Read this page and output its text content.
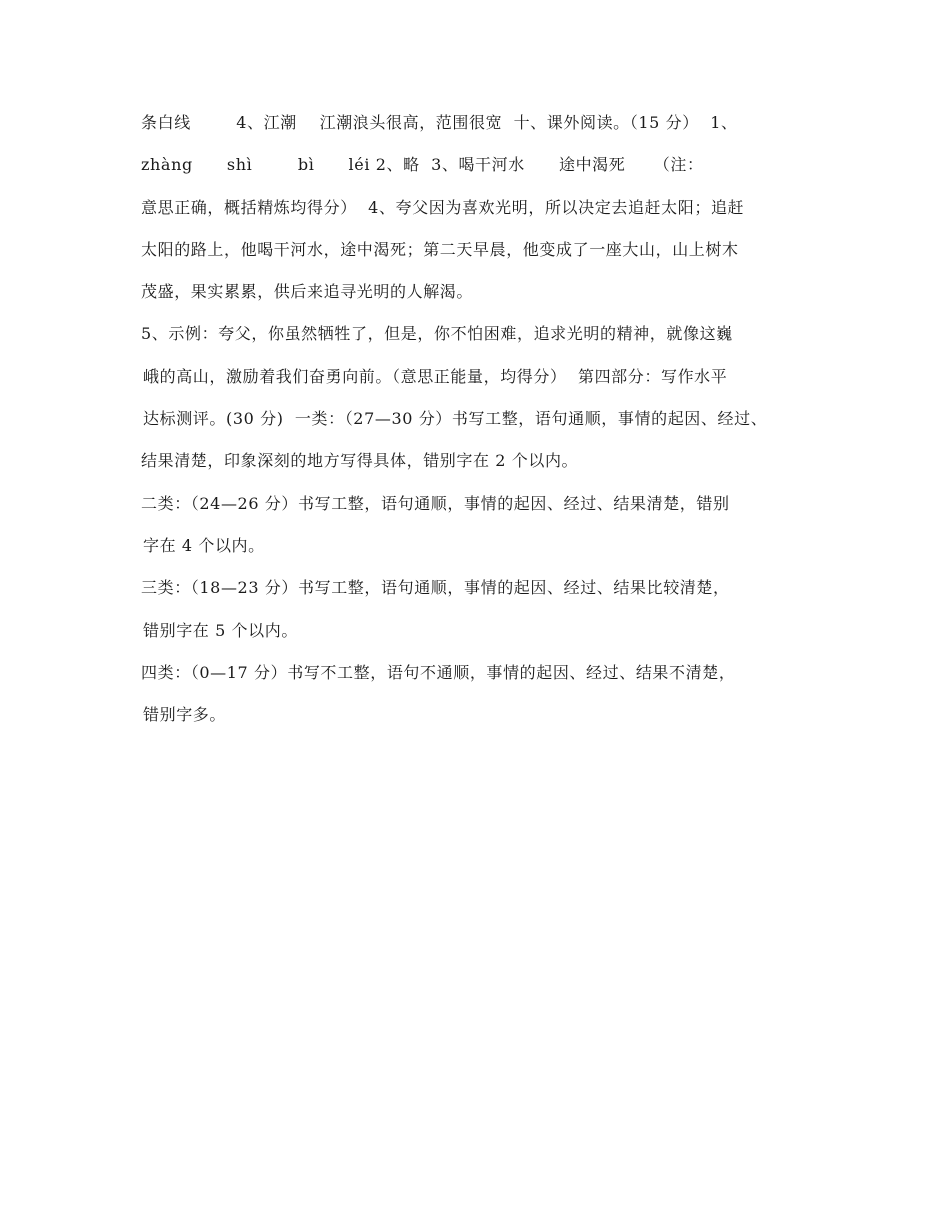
条白线        4、江潮    江潮浪头很高，范围很宽  十、课外阅读。（15 分）  1、
zhàng      shì        bì      léi 2、略  3、喝干河水      途中渴死     （注：
意思正确，概括精炼均得分）  4、夸父因为喜欢光明，所以决定去追赶太阳；追赶
太阳的路上，他喝干河水，途中渴死；第二天早晨，他变成了一座大山，山上树木
茂盛，果实累累，供后来追寻光明的人解渴。
5、示例：夸父，你虽然牺牲了，但是，你不怕困难，追求光明的精神，就像这巍
峨的高山，激励着我们奋勇向前。（意思正能量，均得分）  第四部分：写作水平
达标测评。(30 分)  一类：（27—30 分）书写工整，语句通顺，事情的起因、经过、
结果清楚，印象深刻的地方写得具体，错别字在 2 个以内。
二类：（24—26 分）书写工整，语句通顺，事情的起因、经过、结果清楚，错别
字在 4 个以内。
三类：（18—23 分）书写工整，语句通顺，事情的起因、经过、结果比较清楚，
错别字在 5 个以内。
四类：（0—17 分）书写不工整，语句不通顺，事情的起因、经过、结果不清楚，
错别字多。
